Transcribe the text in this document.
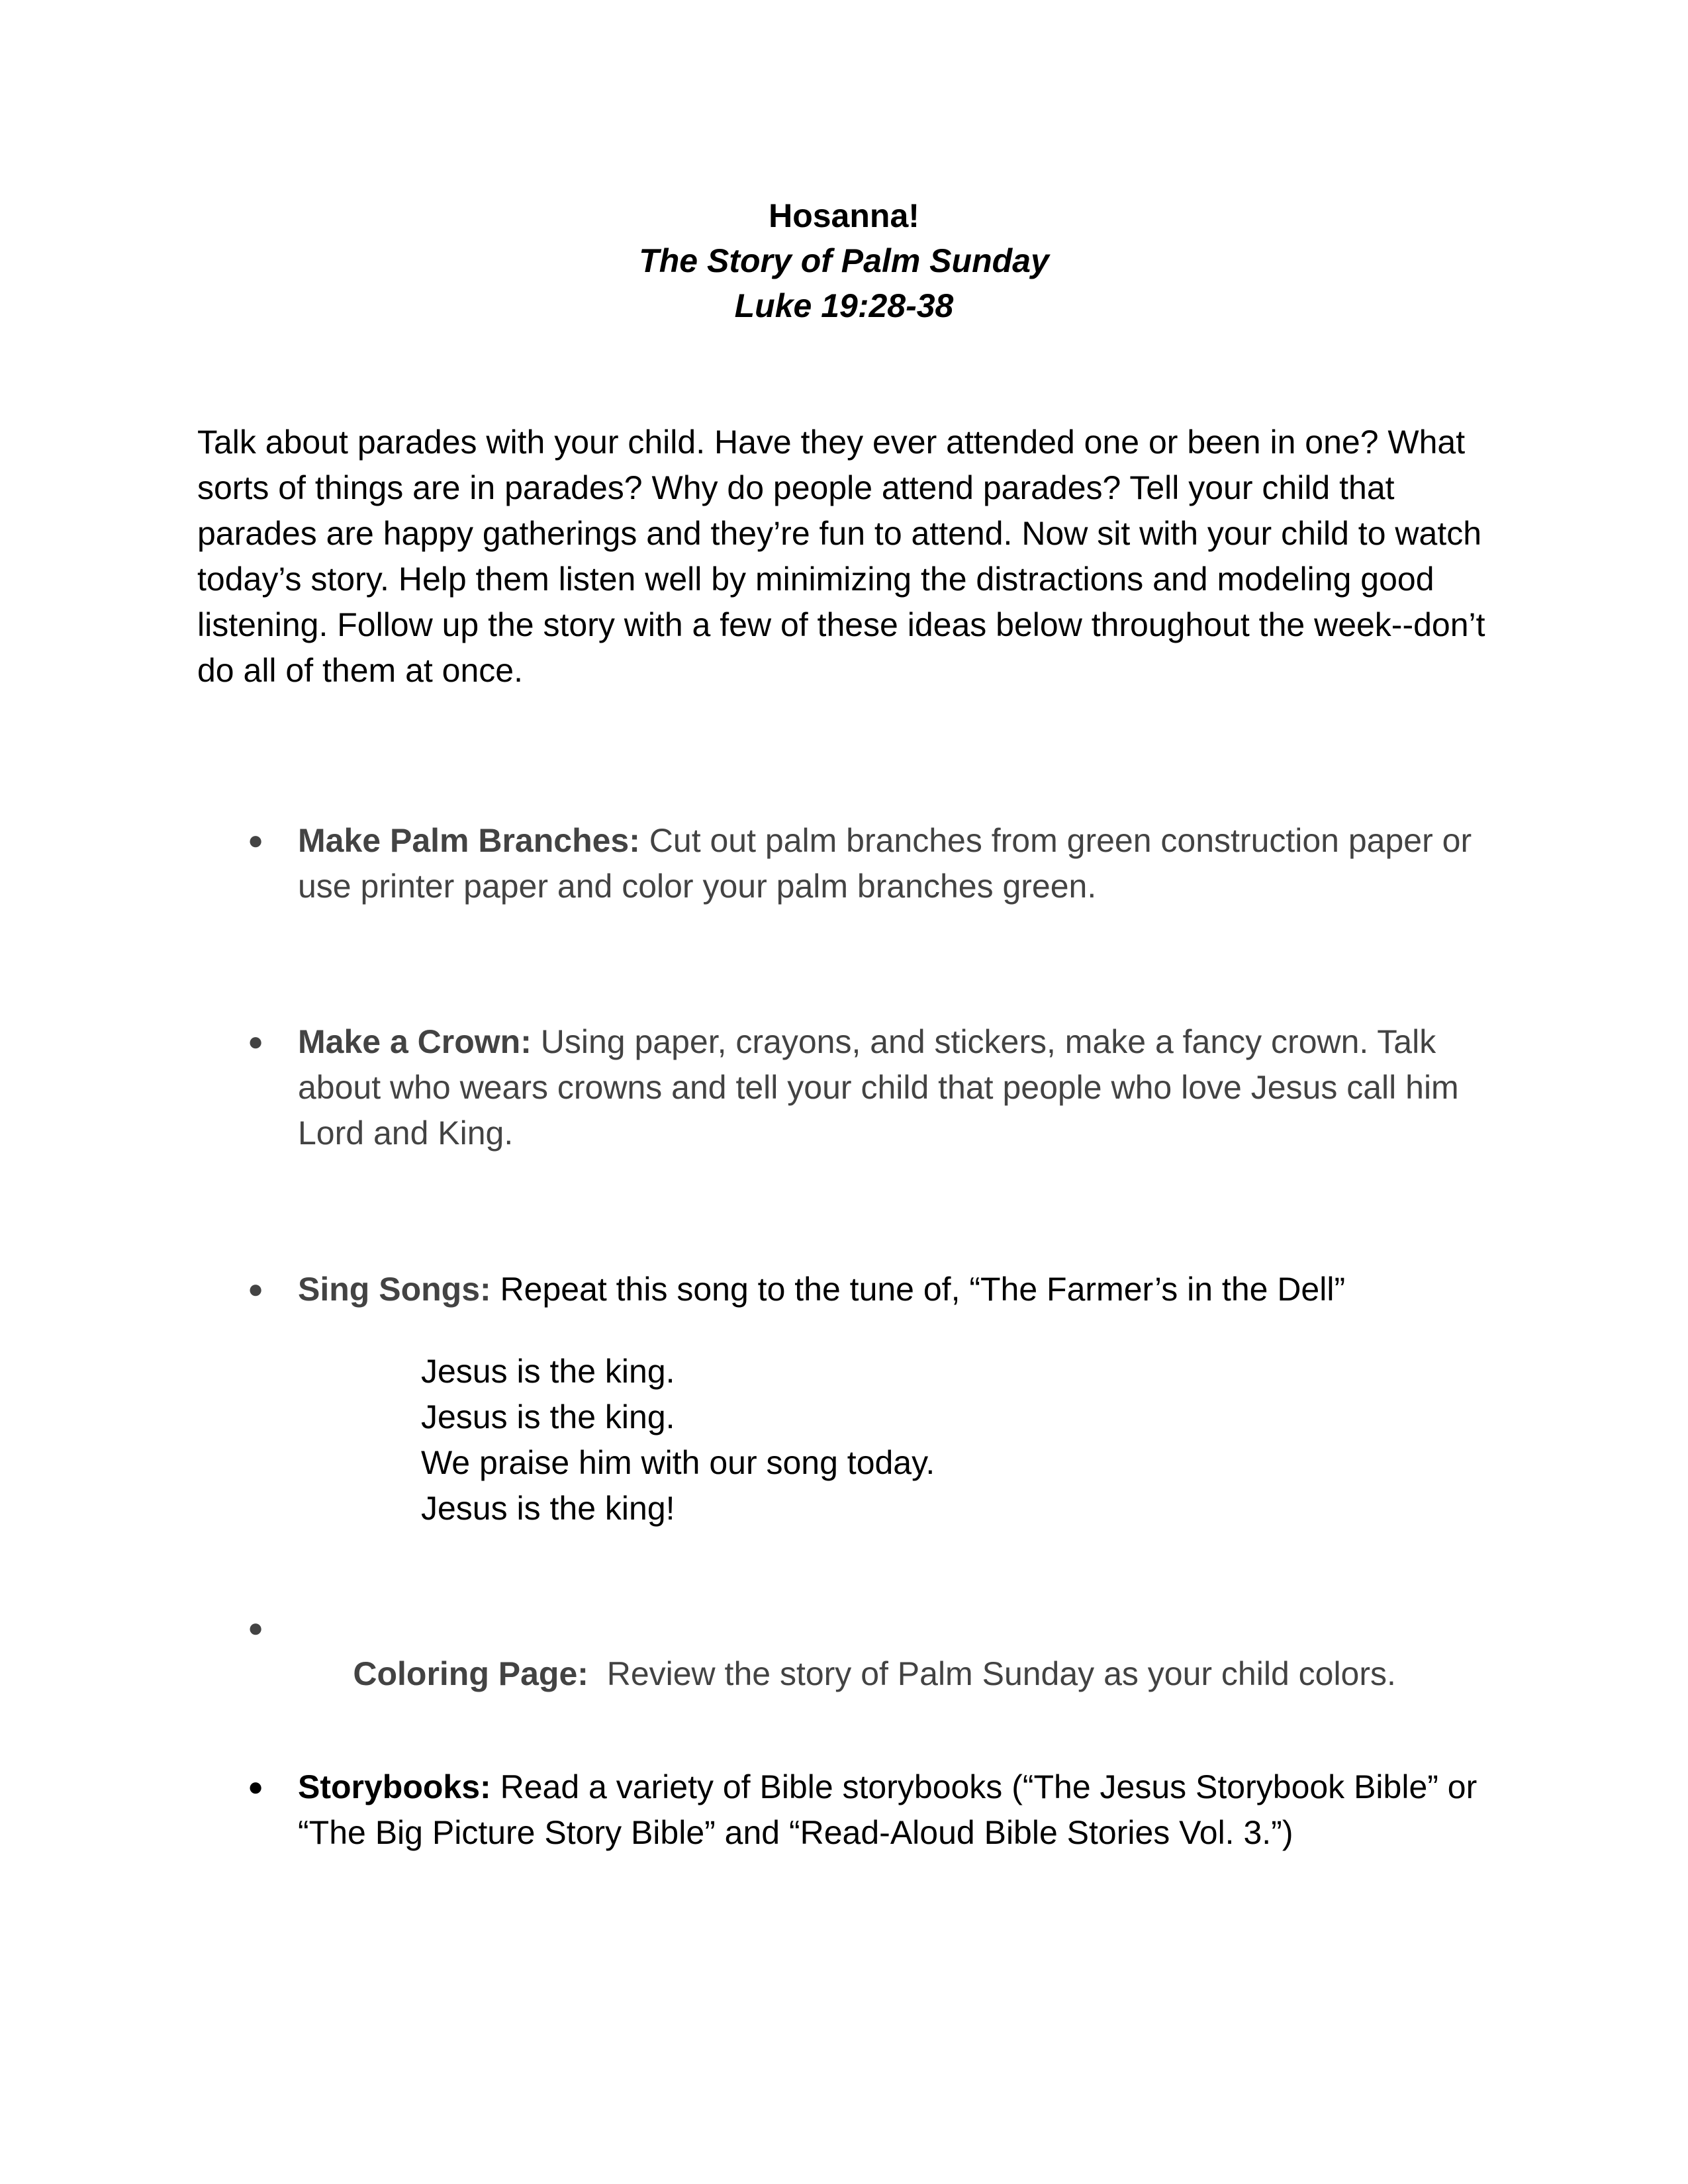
Hosanna!
The Story of Palm Sunday
Luke 19:28-38

Talk about parades with your child. Have they ever attended one or been in one? What sorts of things are in parades? Why do people attend parades? Tell your child that parades are happy gatherings and they’re fun to attend. Now sit with your child to watch today’s story. Help them listen well by minimizing the distractions and modeling good listening. Follow up the story with a few of these ideas below throughout the week--don’t do all of them at once.

●	Make Palm Branches: Cut out palm branches from green construction paper or use printer paper and color your palm branches green.
●	Make a Crown: Using paper, crayons, and stickers, make a fancy crown. Talk about who wears crowns and tell your child that people who love Jesus call him Lord and King.
●	Sing Songs: Repeat this song to the tune of, “The Farmer’s in the Dell”
Jesus is the king.
Jesus is the king.
We praise him with our song today.
Jesus is the king!
●

Coloring Page:  Review the story of Palm Sunday as your child colors.

●	Storybooks: Read a variety of Bible storybooks (“The Jesus Storybook Bible” or “The Big Picture Story Bible” and “Read-Aloud Bible Stories Vol. 3.”)
